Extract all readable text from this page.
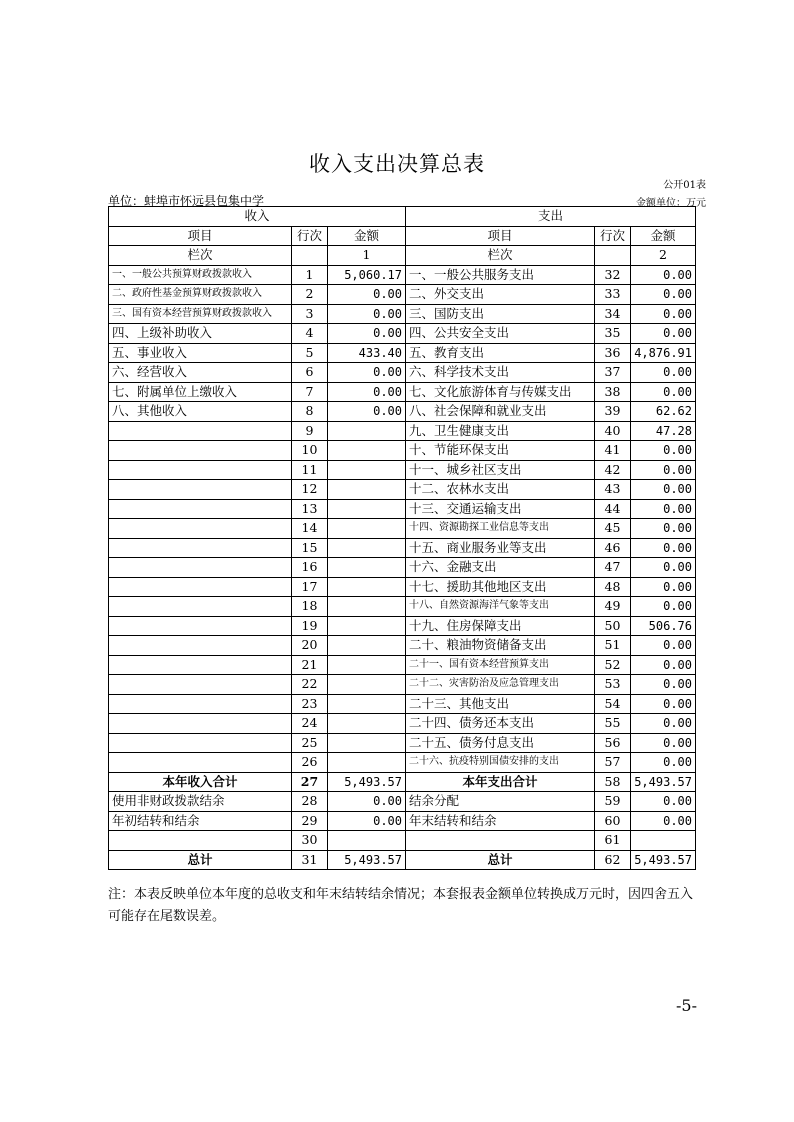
收入支出决算总表
公开01表
单位：蚌埠市怀远县包集中学	金额单位：万元
收入			支出		
项目	行次	金额	项目	行次	金额
栏次		1	栏次		2
一、一般公共预算财政拨款收入	1	5,060.17	一、一般公共服务支出	32	0.00
二、政府性基金预算财政拨款收入	2	0.00	二、外交支出	33	0.00
三、国有资本经营预算财政拨款收入	3	0.00	三、国防支出	34	0.00
四、上级补助收入	4	0.00	四、公共安全支出	35	0.00
五、事业收入	5	433.40	五、教育支出	36	4,876.91
六、经营收入	6	0.00	六、科学技术支出	37	0.00
七、附属单位上缴收入	7	0.00	七、文化旅游体育与传媒支出	38	0.00
八、其他收入	8	0.00	八、社会保障和就业支出	39	62.62
	9		九、卫生健康支出	40	47.28
	10		十、节能环保支出	41	0.00
	11		十一、城乡社区支出	42	0.00
	12		十二、农林水支出	43	0.00
	13		十三、交通运输支出	44	0.00
	14		十四、资源勘探工业信息等支出	45	0.00
	15		十五、商业服务业等支出	46	0.00
	16		十六、金融支出	47	0.00
	17		十七、援助其他地区支出	48	0.00
	18		十八、自然资源海洋气象等支出	49	0.00
	19		十九、住房保障支出	50	506.76
	20		二十、粮油物资储备支出	51	0.00
	21		二十一、国有资本经营预算支出	52	0.00
	22		二十二、灾害防治及应急管理支出	53	0.00
	23		二十三、其他支出	54	0.00
	24		二十四、债务还本支出	55	0.00
	25		二十五、债务付息支出	56	0.00
	26		二十六、抗疫特别国债安排的支出	57	0.00
本年收入合计	27	5,493.57	本年支出合计	58	5,493.57
使用非财政拨款结余	28	0.00	结余分配	59	0.00
年初结转和结余	29	0.00	年末结转和结余	60	0.00
	30			61	
总计	31	5,493.57	总计	62	5,493.57
注：本表反映单位本年度的总收支和年末结转结余情况；本套报表金额单位转换成万元时，因四舍五入可能存在尾数误差。
-5-
